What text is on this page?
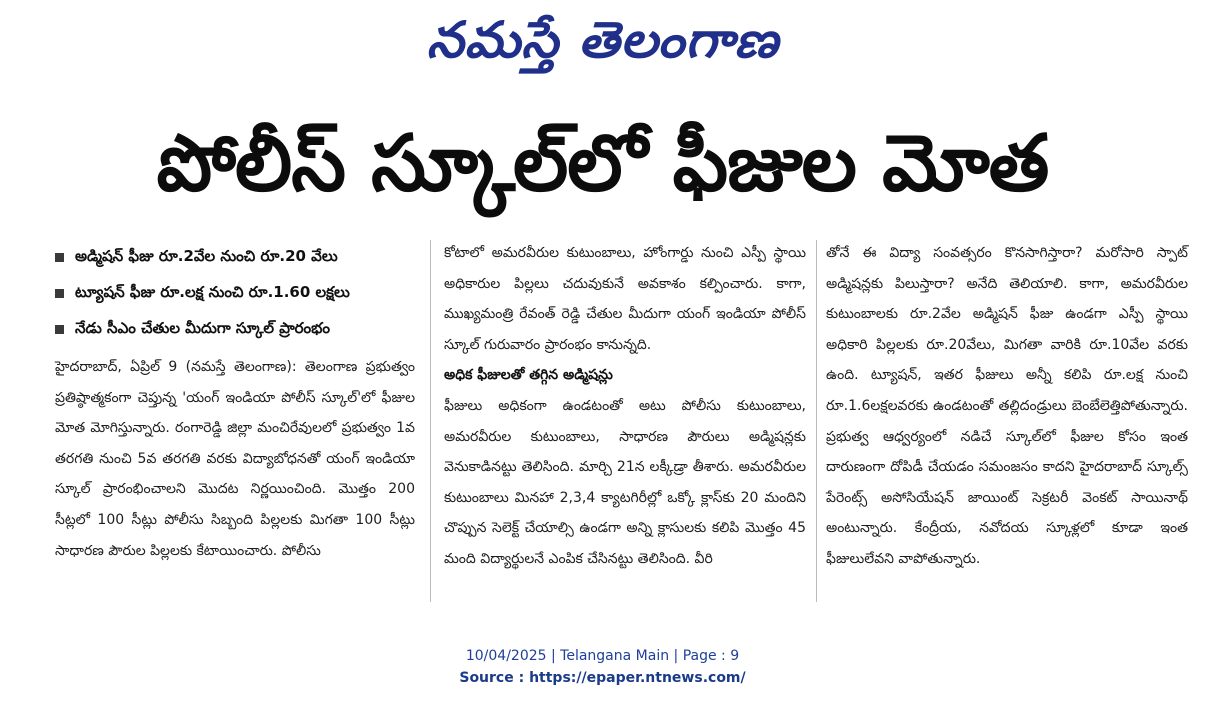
నమస్తే తెలంగాణ
పోలీస్ స్కూల్‌లో ఫీజుల మోత
అడ్మిషన్ ఫీజు రూ.2వేల నుంచి రూ.20 వేలు
ట్యూషన్ ఫీజు రూ.లక్ష నుంచి రూ.1.60 లక్షలు
నేడు సీఎం చేతుల మీదుగా స్కూల్ ప్రారంభం

హైదరాబాద్, ఏప్రిల్ 9 (నమస్తే తెలంగాణ): తెలంగాణ ప్రభుత్వం ప్రతిష్ఠాత్మకంగా చెప్తున్న 'యంగ్ ఇండియా పోలీస్ స్కూల్'లో ఫీజుల మోత మోగిస్తున్నారు. రంగారెడ్డి జిల్లా మంచిరేవులలో ప్రభుత్వం 1వ తరగతి నుంచి 5వ తరగతి వరకు విద్యాబోధనతో యంగ్ ఇండియా స్కూల్ ప్రారంభించాలని మొదట నిర్ణయించింది. మొత్తం 200 సీట్లలో 100 సీట్లు పోలీసు సిబ్బంది పిల్లలకు మిగతా 100 సీట్లు సాధారణ పౌరుల పిల్లలకు కేటాయించారు. పోలీసు

కోటాలో అమరవీరుల కుటుంబాలు, హోంగార్డు నుంచి ఎస్పీ స్థాయి అధికారుల పిల్లలు చదువుకునే అవకాశం కల్పించారు. కాగా, ముఖ్యమంత్రి రేవంత్ రెడ్డి చేతుల మీదుగా యంగ్ ఇండియా పోలీస్ స్కూల్ గురువారం ప్రారంభం కానున్నది.

అధిక ఫీజులతో తగ్గిన అడ్మిషన్లు

ఫీజులు అధికంగా ఉండటంతో అటు పోలీసు కుటుంబాలు, అమరవీరుల కుటుంబాలు, సాధారణ పౌరులు అడ్మిషన్లకు వెనుకాడినట్టు తెలిసింది. మార్చి 21న లక్కీడ్రా తీశారు. అమరవీరుల కుటుంబాలు మినహా 2,3,4 క్యాటగిరీల్లో ఒక్కో క్లాస్‌కు 20 మందిని చొప్పున సెలెక్ట్ చేయాల్సి ఉండగా అన్ని క్లాసులకు కలిపి మొత్తం 45 మంది విద్యార్థులనే ఎంపిక చేసినట్టు తెలిసింది. వీరి

తోనే ఈ విద్యా సంవత్సరం కొనసాగిస్తారా? మరోసారి స్పాట్ అడ్మిషన్లకు పిలుస్తారా? అనేది తెలియాలి. కాగా, అమరవీరుల కుటుంబాలకు రూ.2వేల అడ్మిషన్ ఫీజు ఉండగా ఎస్పీ స్థాయి అధికారి పిల్లలకు రూ.20వేలు, మిగతా వారికి రూ.10వేల వరకు ఉంది. ట్యూషన్, ఇతర ఫీజులు అన్నీ కలిపి రూ.లక్ష నుంచి రూ.1.6లక్షలవరకు ఉండటంతో తల్లిదండ్రులు బెంబేలెత్తిపోతున్నారు. ప్రభుత్వ ఆధ్వర్యంలో నడిచే స్కూల్‌లో ఫీజుల కోసం ఇంత దారుణంగా దోపిడీ చేయడం సమంజసం కాదని హైదరాబాద్ స్కూల్స్ పేరెంట్స్ అసోసియేషన్ జాయింట్ సెక్రటరీ వెంకట్ సాయినాథ్ అంటున్నారు. కేంద్రీయ, నవోదయ స్కూళ్లలో కూడా ఇంత ఫీజులులేవని వాపోతున్నారు.

10/04/2025 | Telangana Main | Page : 9
Source : https://epaper.ntnews.com/
